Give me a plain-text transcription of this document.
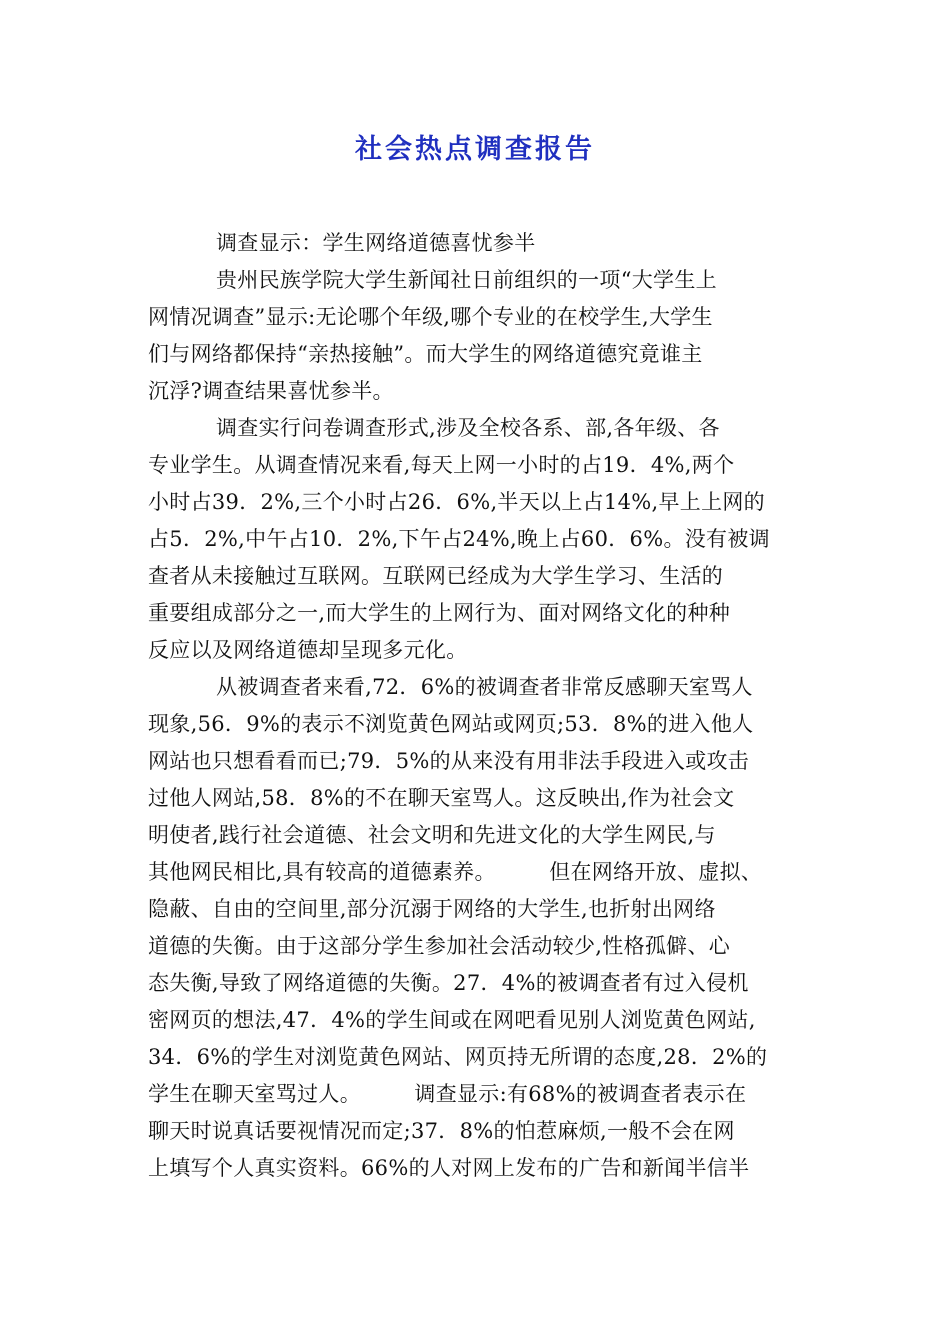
社会热点调查报告
调查显示：学生网络道德喜忧参半
贵州民族学院大学生新闻社日前组织的一项“大学生上
网情况调查”显示:无论哪个年级,哪个专业的在校学生,大学生
们与网络都保持“亲热接触”。而大学生的网络道德究竟谁主
沉浮?调查结果喜忧参半。
调查实行问卷调查形式,涉及全校各系、部,各年级、各
专业学生。从调查情况来看,每天上网一小时的占19．4%,两个
小时占39．2%,三个小时占26．6%,半天以上占14%,早上上网的
占5．2%,中午占10．2%,下午占24%,晚上占60．6%。没有被调
查者从未接触过互联网。互联网已经成为大学生学习、生活的
重要组成部分之一,而大学生的上网行为、面对网络文化的种种
反应以及网络道德却呈现多元化。
从被调查者来看,72．6%的被调查者非常反感聊天室骂人
现象,56．9%的表示不浏览黄色网站或网页;53．8%的进入他人
网站也只想看看而已;79．5%的从来没有用非法手段进入或攻击
过他人网站,58．8%的不在聊天室骂人。这反映出,作为社会文
明使者,践行社会道德、社会文明和先进文化的大学生网民,与
其他网民相比,具有较高的道德素养。　　　但在网络开放、虚拟、
隐蔽、自由的空间里,部分沉溺于网络的大学生,也折射出网络
道德的失衡。由于这部分学生参加社会活动较少,性格孤僻、心
态失衡,导致了网络道德的失衡。27．4%的被调查者有过入侵机
密网页的想法,47．4%的学生间或在网吧看见别人浏览黄色网站,
34．6%的学生对浏览黄色网站、网页持无所谓的态度,28．2%的
学生在聊天室骂过人。　　　调查显示:有68%的被调查者表示在
聊天时说真话要视情况而定;37．8%的怕惹麻烦,一般不会在网
上填写个人真实资料。66%的人对网上发布的广告和新闻半信半
